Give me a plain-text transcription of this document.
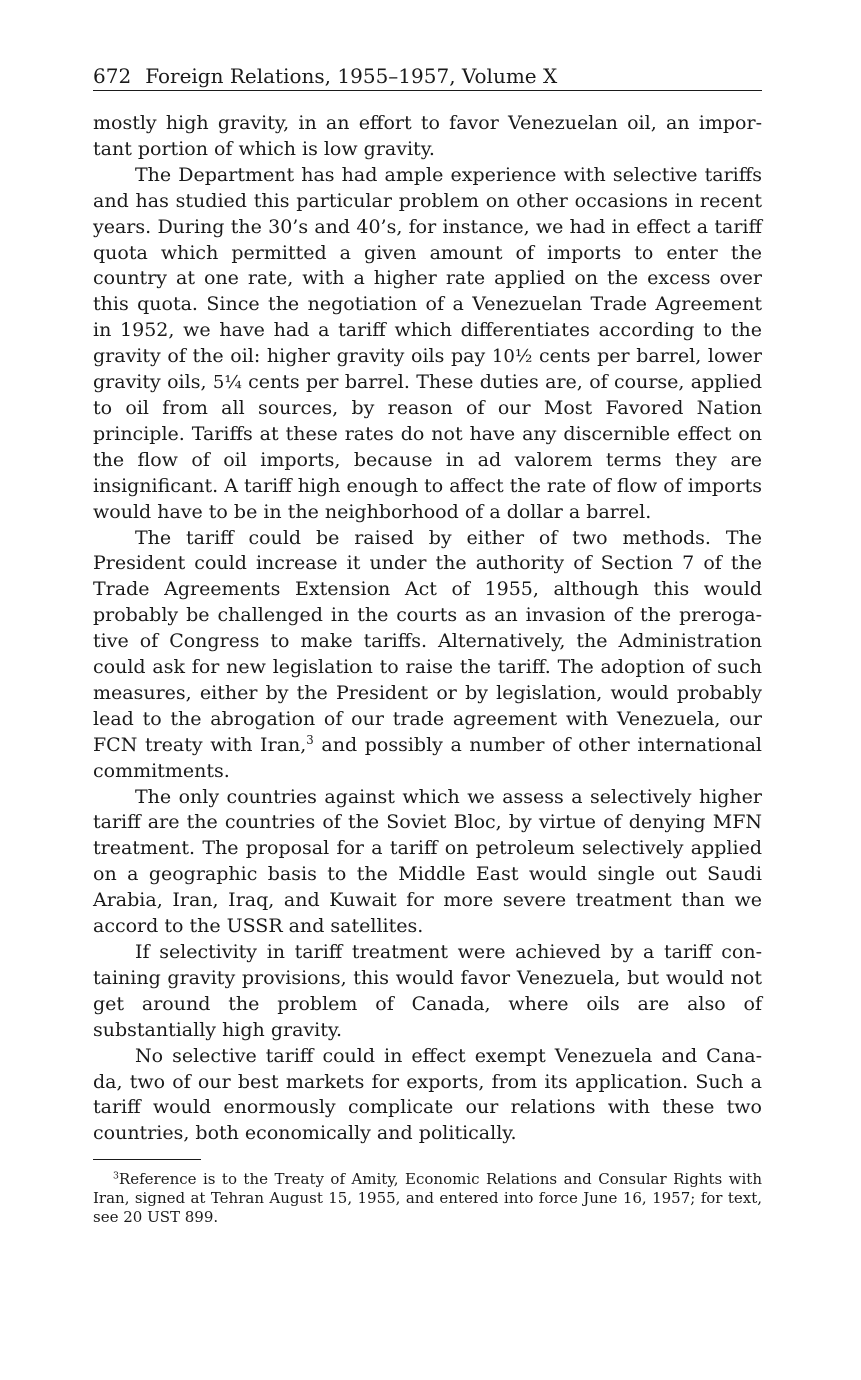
672 Foreign Relations, 1955–1957, Volume X

mostly high gravity, in an effort to favor Venezuelan oil, an impor-tant portion of which is low gravity.

The Department has had ample experience with selective tariffs and has studied this particular problem on other occasions in recent years. During the 30’s and 40’s, for instance, we had in effect a tariff quota which permitted a given amount of imports to enter the country at one rate, with a higher rate applied on the excess over this quota. Since the negotiation of a Venezuelan Trade Agreement in 1952, we have had a tariff which differentiates according to the gravity of the oil: higher gravity oils pay 10½ cents per barrel, lower gravity oils, 5¼ cents per barrel. These duties are, of course, applied to oil from all sources, by reason of our Most Favored Nation principle. Tariffs at these rates do not have any discernible effect on the flow of oil imports, because in ad valorem terms they are insignificant. A tariff high enough to affect the rate of flow of imports would have to be in the neighborhood of a dollar a barrel.

The tariff could be raised by either of two methods. The President could increase it under the authority of Section 7 of the Trade Agreements Extension Act of 1955, although this would probably be challenged in the courts as an invasion of the preroga-tive of Congress to make tariffs. Alternatively, the Administration could ask for new legislation to raise the tariff. The adoption of such measures, either by the President or by legislation, would probably lead to the abrogation of our trade agreement with Venezuela, our FCN treaty with Iran,$^3$ and possibly a number of other international commitments.

The only countries against which we assess a selectively higher tariff are the countries of the Soviet Bloc, by virtue of denying MFN treatment. The proposal for a tariff on petroleum selectively applied on a geographic basis to the Middle East would single out Saudi Arabia, Iran, Iraq, and Kuwait for more severe treatment than we accord to the USSR and satellites.

If selectivity in tariff treatment were achieved by a tariff con-taining gravity provisions, this would favor Venezuela, but would not get around the problem of Canada, where oils are also of substantially high gravity.

No selective tariff could in effect exempt Venezuela and Cana-da, two of our best markets for exports, from its application. Such a tariff would enormously complicate our relations with these two countries, both economically and politically.

$^3$Reference is to the Treaty of Amity, Economic Relations and Consular Rights with Iran, signed at Tehran August 15, 1955, and entered into force June 16, 1957; for text, see 20 UST 899.
